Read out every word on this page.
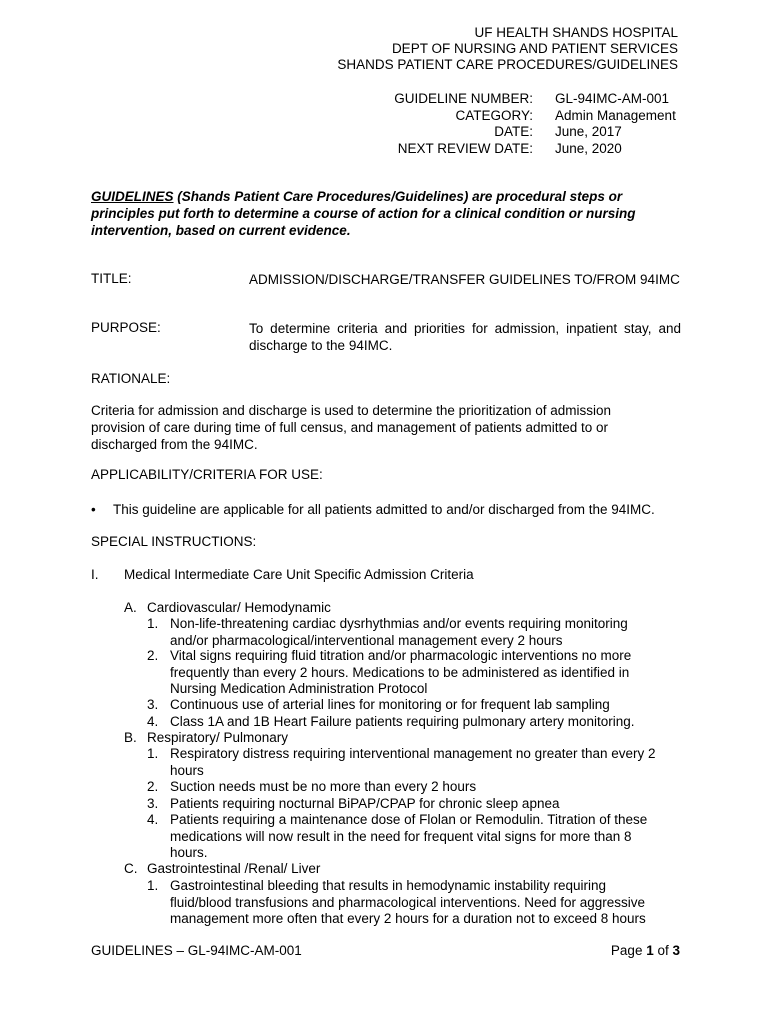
UF HEALTH SHANDS HOSPITAL
DEPT OF NURSING AND PATIENT SERVICES
SHANDS PATIENT CARE PROCEDURES/GUIDELINES
GUIDELINE NUMBER: GL-94IMC-AM-001
CATEGORY: Admin Management
DATE: June, 2017
NEXT REVIEW DATE: June, 2020
GUIDELINES (Shands Patient Care Procedures/Guidelines) are procedural steps or principles put forth to determine a course of action for a clinical condition or nursing intervention, based on current evidence.
TITLE:	ADMISSION/DISCHARGE/TRANSFER GUIDELINES TO/FROM 94IMC
PURPOSE:	To determine criteria and priorities for admission, inpatient stay, and discharge to the 94IMC.
RATIONALE:
Criteria for admission and discharge is used to determine the prioritization of admission provision of care during time of full census, and management of patients admitted to or discharged from the 94IMC.
APPLICABILITY/CRITERIA FOR USE:
• This guideline are applicable for all patients admitted to and/or discharged from the 94IMC.
SPECIAL INSTRUCTIONS:
I. Medical Intermediate Care Unit Specific Admission Criteria
A. Cardiovascular/ Hemodynamic
1. Non-life-threatening cardiac dysrhythmias and/or events requiring monitoring and/or pharmacological/interventional management every 2 hours
2. Vital signs requiring fluid titration and/or pharmacologic interventions no more frequently than every 2 hours. Medications to be administered as identified in Nursing Medication Administration Protocol
3. Continuous use of arterial lines for monitoring or for frequent lab sampling
4. Class 1A and 1B Heart Failure patients requiring pulmonary artery monitoring.
B. Respiratory/ Pulmonary
1. Respiratory distress requiring interventional management no greater than every 2 hours
2. Suction needs must be no more than every 2 hours
3. Patients requiring nocturnal BiPAP/CPAP for chronic sleep apnea
4. Patients requiring a maintenance dose of Flolan or Remodulin. Titration of these medications will now result in the need for frequent vital signs for more than 8 hours.
C. Gastrointestinal /Renal/ Liver
1. Gastrointestinal bleeding that results in hemodynamic instability requiring fluid/blood transfusions and pharmacological interventions. Need for aggressive management more often that every 2 hours for a duration not to exceed 8 hours
GUIDELINES – GL-94IMC-AM-001	Page 1 of 3
